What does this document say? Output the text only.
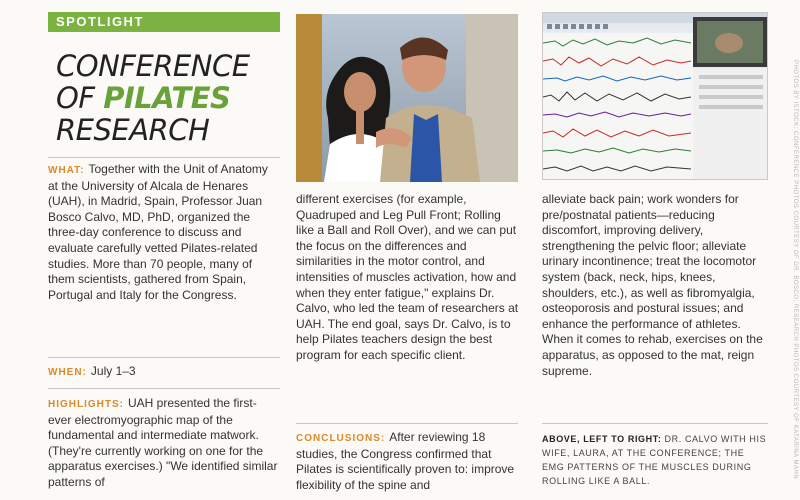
SPOTLIGHT
CONFERENCE
OF PILATES
RESEARCH

WHAT: Together with the Unit of Anatomy at the University of Alcala de Henares (UAH), in Madrid, Spain, Professor Juan Bosco Calvo, MD, PhD, organized the three-day conference to discuss and evaluate carefully vetted Pilates-related studies. More than 70 people, many of them scientists, gathered from Spain, Portugal and Italy for the Congress.

WHEN: July 1–3

HIGHLIGHTS: UAH presented the first-ever electromyographic map of the fundamental and intermediate matwork. (They're currently working on one for the apparatus exercises.) "We identified similar patterns of

different exercises (for example, Quadruped and Leg Pull Front; Rolling like a Ball and Roll Over), and we can put the focus on the differences and similarities in the motor control, and intensities of muscles activation, how and when they enter fatigue," explains Dr. Calvo, who led the team of researchers at UAH. The end goal, says Dr. Calvo, is to help Pilates teachers design the best program for each specific client.

CONCLUSIONS: After reviewing 18 studies, the Congress confirmed that Pilates is scientifically proven to: improve flexibility of the spine and

alleviate back pain; work wonders for pre/postnatal patients—reducing discomfort, improving delivery, strengthening the pelvic floor; alleviate urinary incontinence; treat the locomotor system (back, neck, hips, knees, shoulders, etc.), as well as fibromyalgia, osteoporosis and postural issues; and enhance the performance of athletes. When it comes to rehab, exercises on the apparatus, as opposed to the mat, reign supreme.

ABOVE, LEFT TO RIGHT: DR. CALVO WITH HIS WIFE, LAURA, AT THE CONFERENCE; THE EMG PATTERNS OF THE MUSCLES DURING ROLLING LIKE A BALL.

PHOTOS BY ISTOCK; CONFERENCE PHOTOS COURTESY OF DR. BOSCO; RESEARCH PHOTOS COURTESY OF KATARINA MAHN
